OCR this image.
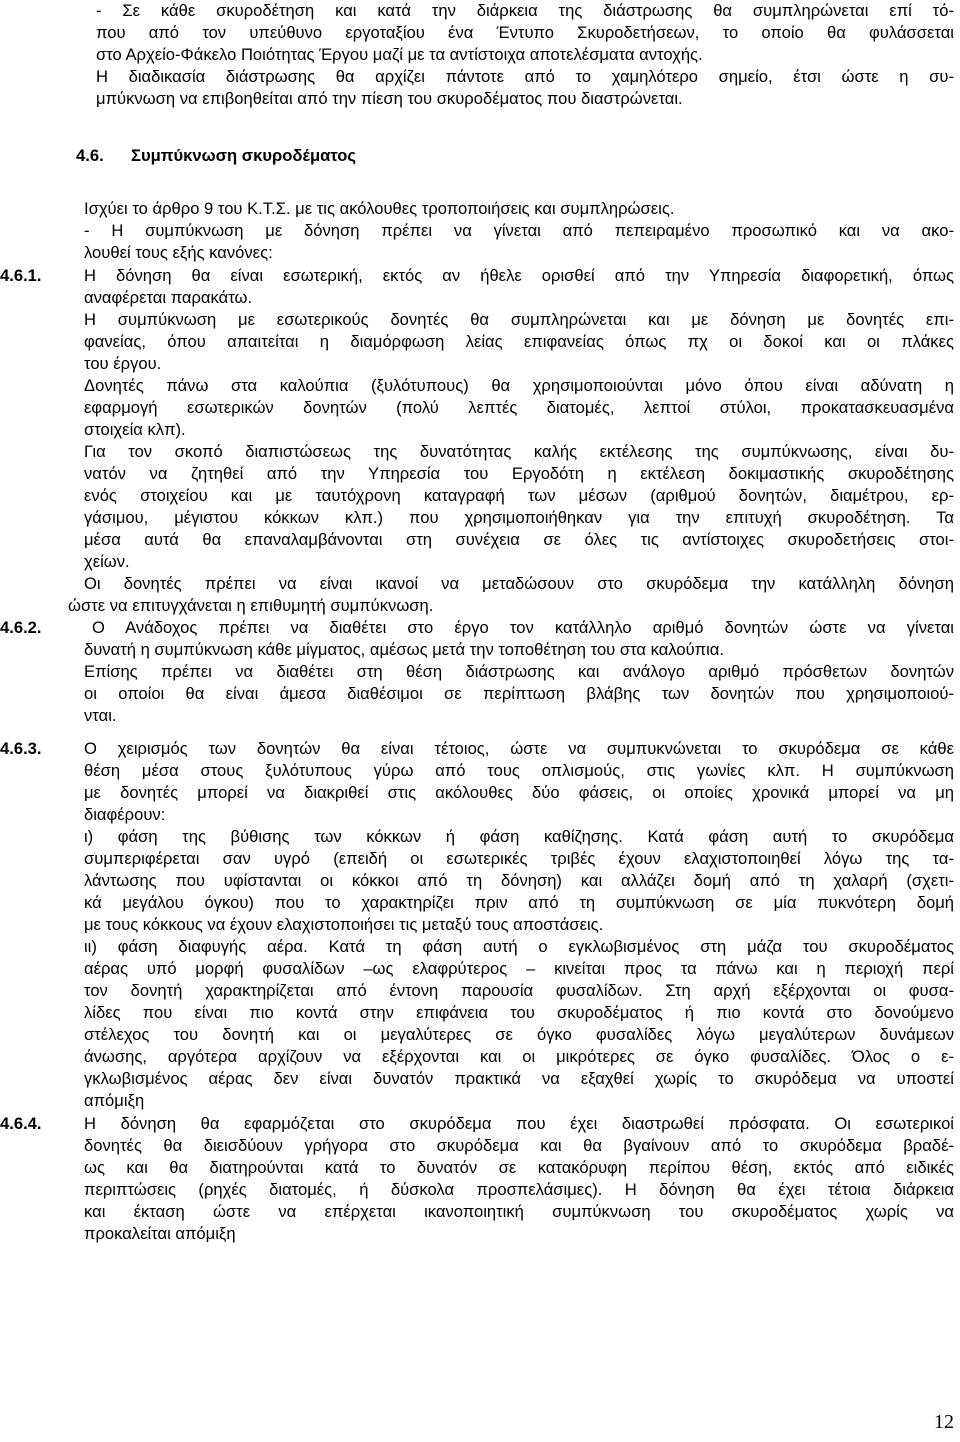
- Σε κάθε σκυροδέτηση και κατά την διάρκεια της διάστρωσης θα συμπληρώνεται επί τό-
που από τον υπεύθυνο εργοταξίου ένα Έντυπο Σκυροδετήσεων, το οποίο θα φυλάσσεται
στο Αρχείο-Φάκελο Ποιότητας Έργου μαζί με τα αντίστοιχα αποτελέσματα αντοχής.
Η διαδικασία διάστρωσης θα αρχίζει πάντοτε από το χαμηλότερο σημείο, έτσι ώστε η συ-
μπύκνωση να επιβοηθείται από την πίεση του σκυροδέματος που διαστρώνεται.
4.6. Συμπύκνωση σκυροδέματος
Ισχύει το άρθρο 9 του Κ.Τ.Σ. με τις ακόλουθες τροποποιήσεις και συμπληρώσεις.
- Η συμπύκνωση με δόνηση πρέπει να γίνεται από πεπειραμένο προσωπικό και να ακο-
λουθεί τους εξής κανόνες:
4.6.1.	Η δόνηση θα είναι εσωτερική, εκτός αν ήθελε ορισθεί από την Υπηρεσία διαφορετική, όπως
αναφέρεται παρακάτω.
Η συμπύκνωση με εσωτερικούς δονητές θα συμπληρώνεται και με δόνηση με δονητές επι-
φανείας, όπου απαιτείται η διαμόρφωση λείας επιφανείας όπως πχ οι δοκοί και οι πλάκες
του έργου.
Δονητές πάνω στα καλούπια (ξυλότυπους) θα χρησιμοποιούνται μόνο όπου είναι αδύνατη η
εφαρμογή εσωτερικών δονητών (πολύ λεπτές διατομές, λεπτοί στύλοι, προκατασκευασμένα
στοιχεία κλπ).
Για τον σκοπό διαπιστώσεως της δυνατότητας καλής εκτέλεσης της συμπύκνωσης, είναι δυ-
νατόν να ζητηθεί από την Υπηρεσία του Εργοδότη η εκτέλεση δοκιμαστικής σκυροδέτησης
ενός στοιχείου και με ταυτόχρονη καταγραφή των μέσων (αριθμού δονητών, διαμέτρου, ερ-
γάσιμου, μέγιστου κόκκων κλπ.) που χρησιμοποιήθηκαν για την επιτυχή σκυροδέτηση. Τα
μέσα αυτά θα επαναλαμβάνονται στη συνέχεια σε όλες τις αντίστοιχες σκυροδετήσεις στοι-
χείων.
Οι δονητές πρέπει να είναι ικανοί να μεταδώσουν στο σκυρόδεμα την κατάλληλη δόνηση
ώστε να επιτυγχάνεται η επιθυμητή συμπύκνωση.
4.6.2.	Ο Ανάδοχος πρέπει να διαθέτει στο έργο τον κατάλληλο αριθμό δονητών ώστε να γίνεται
δυνατή η συμπύκνωση κάθε μίγματος, αμέσως μετά την τοποθέτηση του στα καλούπια.
Επίσης πρέπει να διαθέτει στη θέση διάστρωσης και ανάλογο αριθμό πρόσθετων δονητών
οι οποίοι θα είναι άμεσα διαθέσιμοι σε περίπτωση βλάβης των δονητών που χρησιμοποιού-
νται.
4.6.3.	Ο χειρισμός των δονητών θα είναι τέτοιος, ώστε να συμπυκνώνεται το σκυρόδεμα σε κάθε
θέση μέσα στους ξυλότυπους γύρω από τους οπλισμούς, στις γωνίες κλπ. Η συμπύκνωση
με δονητές μπορεί να διακριθεί στις ακόλουθες δύο φάσεις, οι οποίες χρονικά μπορεί να μη
διαφέρουν:
ι) φάση της βύθισης των κόκκων ή φάση καθίζησης. Κατά φάση αυτή το σκυρόδεμα
συμπεριφέρεται σαν υγρό (επειδή οι εσωτερικές τριβές έχουν ελαχιστοποιηθεί λόγω της τα-
λάντωσης που υφίστανται οι κόκκοι από τη δόνηση) και αλλάζει δομή από τη χαλαρή (σχετι-
κά μεγάλου όγκου) που το χαρακτηρίζει πριν από τη συμπύκνωση σε μία πυκνότερη δομή
με τους κόκκους να έχουν ελαχιστοποιήσει τις μεταξύ τους αποστάσεις.
ιι) φάση διαφυγής αέρα. Κατά τη φάση αυτή ο εγκλωβισμένος στη μάζα του σκυροδέματος
αέρας υπό μορφή φυσαλίδων –ως ελαφρύτερος – κινείται προς τα πάνω και η περιοχή περί
τον δονητή χαρακτηρίζεται από έντονη παρουσία φυσαλίδων. Στη αρχή εξέρχονται οι φυσα-
λίδες που είναι πιο κοντά στην επιφάνεια του σκυροδέματος ή πιο κοντά στο δονούμενο
στέλεχος του δονητή και οι μεγαλύτερες σε όγκο φυσαλίδες λόγω μεγαλύτερων δυνάμεων
άνωσης, αργότερα αρχίζουν να εξέρχονται και οι μικρότερες σε όγκο φυσαλίδες. Όλος ο ε-
γκλωβισμένος αέρας δεν είναι δυνατόν πρακτικά να εξαχθεί χωρίς το σκυρόδεμα να υποστεί
απόμιξη
4.6.4.	Η δόνηση θα εφαρμόζεται στο σκυρόδεμα που έχει διαστρωθεί πρόσφατα. Οι εσωτερικοί
δονητές θα διεισδύουν γρήγορα στο σκυρόδεμα και θα βγαίνουν από το σκυρόδεμα βραδέ-
ως και θα διατηρούνται κατά το δυνατόν σε κατακόρυφη περίπου θέση, εκτός από ειδικές
περιπτώσεις (ρηχές διατομές, ή δύσκολα προσπελάσιμες). Η δόνηση θα έχει τέτοια διάρκεια
και έκταση ώστε να επέρχεται ικανοποιητική συμπύκνωση του σκυροδέματος χωρίς να
προκαλείται απόμιξη
12
